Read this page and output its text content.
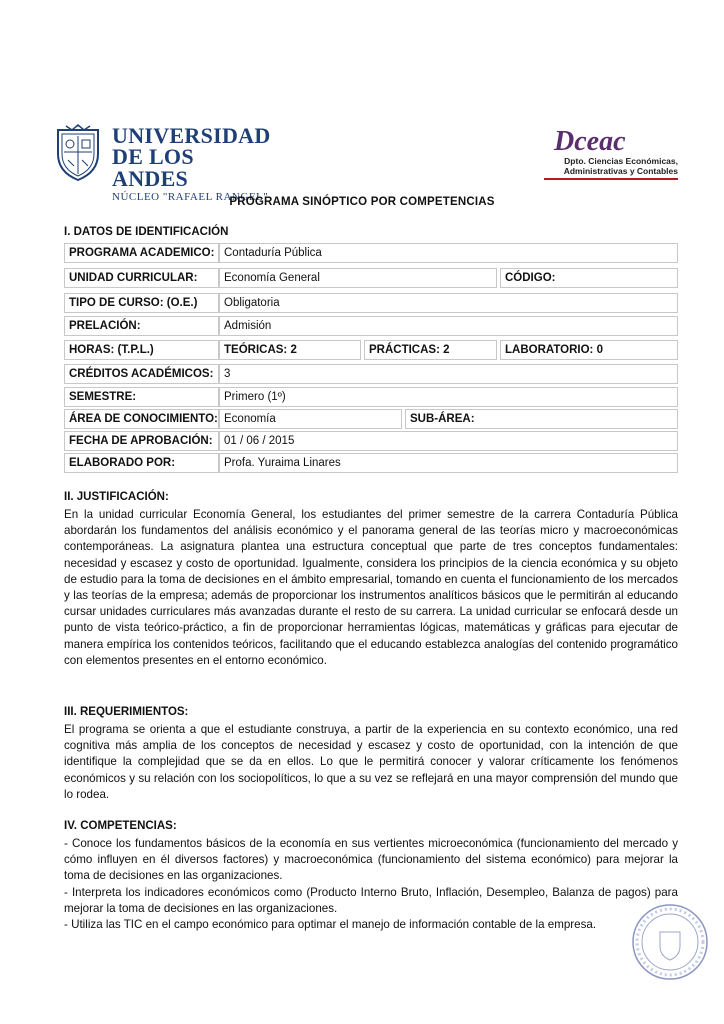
UNIVERSIDAD
DE LOS ANDES
NÚCLEO "RAFAEL RANGEL"
Dceac
Dpto. Ciencias Económicas,
Administrativas y Contables
PROGRAMA SINÓPTICO POR COMPETENCIAS
I. DATOS DE IDENTIFICACIÓN
PROGRAMA ACADEMICO: Contaduría Pública
UNIDAD CURRICULAR:	Economía General	CÓDIGO:
TIPO DE CURSO: (O.E.)	Obligatoria
PRELACIÓN:	Admisión
HORAS: (T.P.L.)	TEÓRICAS: 2	PRÁCTICAS: 2	LABORATORIO: 0
CRÉDITOS ACADÉMICOS: 3
SEMESTRE:	Primero (1º)
ÁREA DE CONOCIMIENTO: Economía	SUB-ÁREA:
FECHA DE APROBACIÓN: 01 / 06 / 2015
ELABORADO POR:	Profa. Yuraima Linares
II. JUSTIFICACIÓN:
En la unidad curricular Economía General, los estudiantes del primer semestre de la carrera Contaduría Pública abordarán los fundamentos del análisis económico y el panorama general de las teorías micro y macroeconómicas contemporáneas. La asignatura plantea una estructura conceptual que parte de tres conceptos fundamentales: necesidad y escasez y costo de oportunidad. Igualmente, considera los principios de la ciencia económica y su objeto de estudio para la toma de decisiones en el ámbito empresarial, tomando en cuenta el funcionamiento de los mercados y las teorías de la empresa; además de proporcionar los instrumentos analíticos básicos que le permitirán al educando cursar unidades curriculares más avanzadas durante el resto de su carrera. La unidad curricular se enfocará desde un punto de vista teórico-práctico, a fin de proporcionar herramientas lógicas, matemáticas y gráficas para ejecutar de manera empírica los contenidos teóricos, facilitando que el educando establezca analogías del contenido programático con elementos presentes en el entorno económico.
III. REQUERIMIENTOS:
El programa se orienta a que el estudiante construya, a partir de la experiencia en su contexto económico, una red cognitiva más amplia de los conceptos de necesidad y escasez y costo de oportunidad, con la intención de que identifique la complejidad que se da en ellos. Lo que le permitirá conocer y valorar críticamente los fenómenos económicos y su relación con los sociopolíticos, lo que a su vez se reflejará en una mayor comprensión del mundo que lo rodea.
IV. COMPETENCIAS:
- Conoce los fundamentos básicos de la economía en sus vertientes microeconómica (funcionamiento del mercado y cómo influyen en él diversos factores) y macroeconómica (funcionamiento del sistema económico) para mejorar la toma de decisiones en las organizaciones.
- Interpreta los indicadores económicos como (Producto Interno Bruto, Inflación, Desempleo, Balanza de pagos) para mejorar la toma de decisiones en las organizaciones.
- Utiliza las TIC en el campo económico para optimar el manejo de información contable de la empresa.
